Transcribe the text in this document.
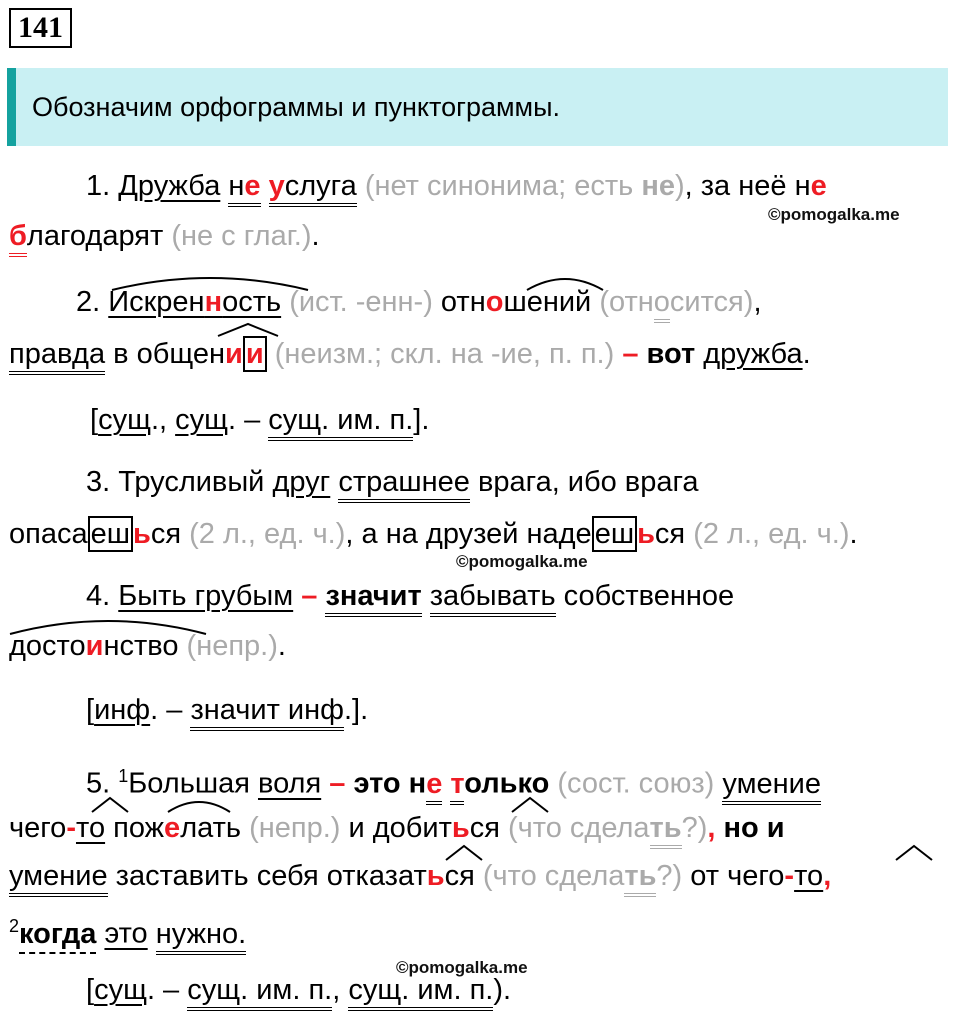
141
Обозначим орфограммы и пунктограммы.
1. Дружба не услуга (нет синонима; есть не), за неё не
благодарят (не с глаг.).
©pomogalka.me
2. Искренность (ист. -енн-) отношений (относится),
правда в общени и (неизм.; скл. на -ие, п. п.) – вот дружба.
[сущ., сущ. – сущ. им. п.].
3. Трусливый друг страшнее врага, ибо врага
опаса еш ься (2 л., ед. ч.), а на друзей наде еш ься (2 л., ед. ч.).
©pomogalka.me
4. Быть грубым – значит забывать собственное
достоинство (непр.).
[инф. – значит инф.].
5. $^1$Большая воля – это не только (сост. союз) умение
чего-то пожелать (непр.) и добиться (что сделать?), но и
умение заставить себя отказаться (что сделать?) от чего-то,
$^2$когда это нужно.
[сущ. – сущ. им. п., сущ. им. п.).
©pomogalka.me
